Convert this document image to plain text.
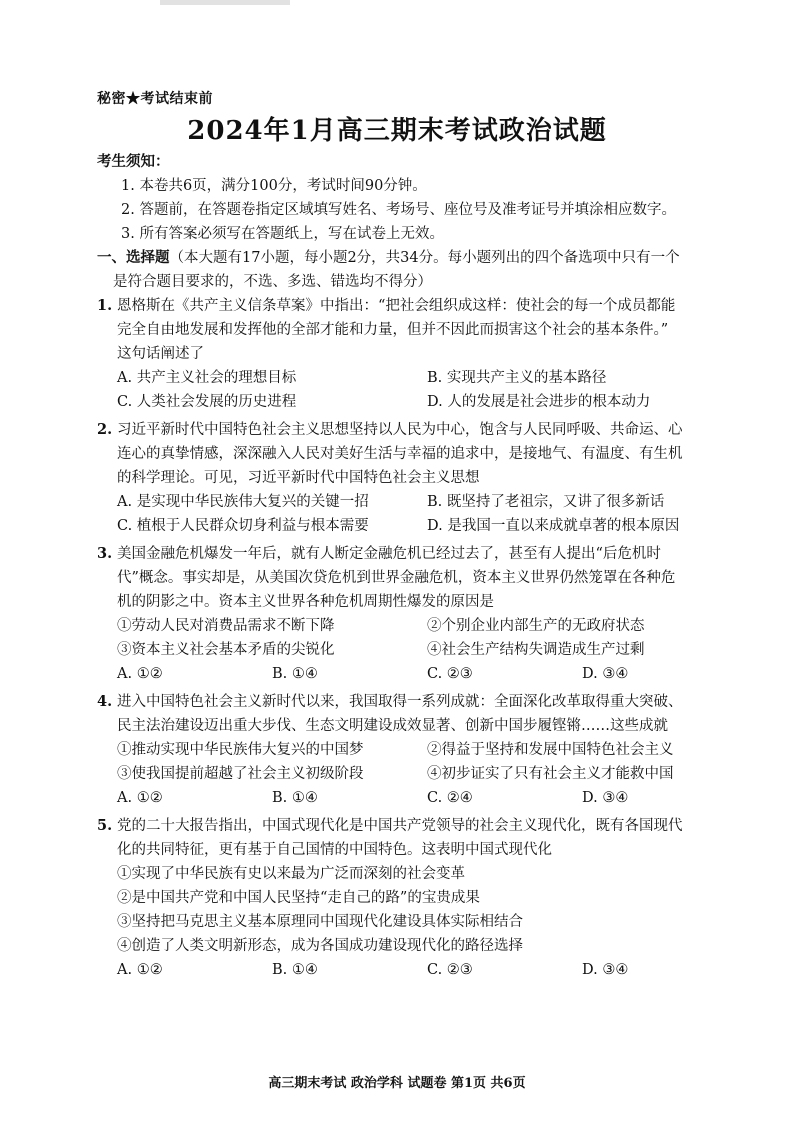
秘密★考试结束前
2024年1月高三期末考试政治试题
考生须知：
1. 本卷共6页，满分100分，考试时间90分钟。
2. 答题前，在答题卷指定区域填写姓名、考场号、座位号及准考证号并填涂相应数字。
3. 所有答案必须写在答题纸上，写在试卷上无效。
一、选择题（本大题有17小题，每小题2分，共34分。每小题列出的四个备选项中只有一个
是符合题目要求的，不选、多选、错选均不得分）
1. 恩格斯在《共产主义信条草案》中指出：“把社会组织成这样：使社会的每一个成员都能
完全自由地发展和发挥他的全部才能和力量，但并不因此而损害这个社会的基本条件。”
这句话阐述了
A. 共产主义社会的理想目标	B. 实现共产主义的基本路径
C. 人类社会发展的历史进程	D. 人的发展是社会进步的根本动力
2. 习近平新时代中国特色社会主义思想坚持以人民为中心，饱含与人民同呼吸、共命运、心
连心的真挚情感，深深融入人民对美好生活与幸福的追求中，是接地气、有温度、有生机
的科学理论。可见，习近平新时代中国特色社会主义思想
A. 是实现中华民族伟大复兴的关键一招	B. 既坚持了老祖宗，又讲了很多新话
C. 植根于人民群众切身利益与根本需要	D. 是我国一直以来成就卓著的根本原因
3. 美国金融危机爆发一年后，就有人断定金融危机已经过去了，甚至有人提出“后危机时
代”概念。事实却是，从美国次贷危机到世界金融危机，资本主义世界仍然笼罩在各种危
机的阴影之中。资本主义世界各种危机周期性爆发的原因是
①劳动人民对消费品需求不断下降	②个别企业内部生产的无政府状态
③资本主义社会基本矛盾的尖锐化	④社会生产结构失调造成生产过剩
A. ①②	B. ①④	C. ②③	D. ③④
4. 进入中国特色社会主义新时代以来，我国取得一系列成就：全面深化改革取得重大突破、
民主法治建设迈出重大步伐、生态文明建设成效显著、创新中国步履铿锵……这些成就
①推动实现中华民族伟大复兴的中国梦	②得益于坚持和发展中国特色社会主义
③使我国提前超越了社会主义初级阶段	④初步证实了只有社会主义才能救中国
A. ①②	B. ①④	C. ②④	D. ③④
5. 党的二十大报告指出，中国式现代化是中国共产党领导的社会主义现代化，既有各国现代
化的共同特征，更有基于自己国情的中国特色。这表明中国式现代化
①实现了中华民族有史以来最为广泛而深刻的社会变革
②是中国共产党和中国人民坚持“走自己的路”的宝贵成果
③坚持把马克思主义基本原理同中国现代化建设具体实际相结合
④创造了人类文明新形态，成为各国成功建设现代化的路径选择
A. ①②	B. ①④	C. ②③	D. ③④
高三期末考试 政治学科 试题卷 第1页 共6页
